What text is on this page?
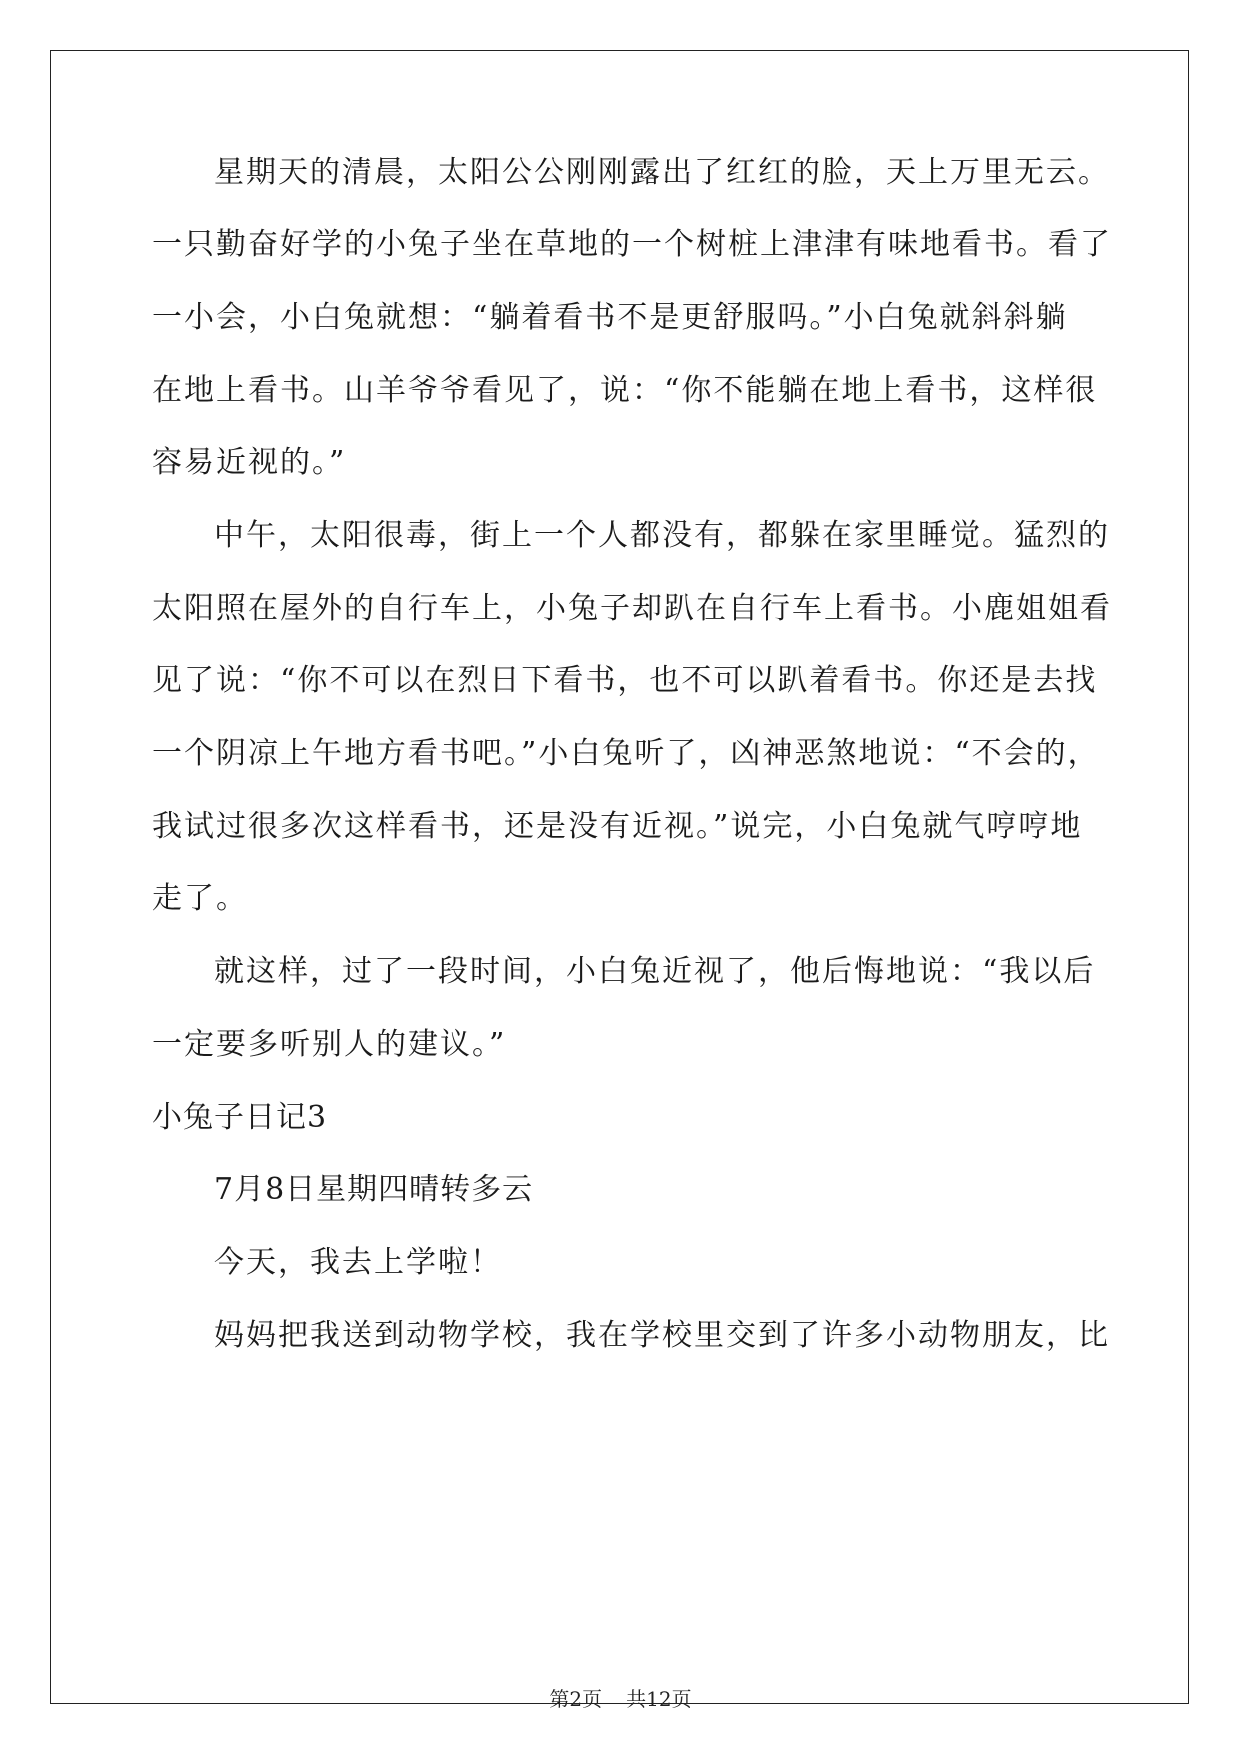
星期天的清晨，太阳公公刚刚露出了红红的脸，天上万里无云。
一只勤奋好学的小兔子坐在草地的一个树桩上津津有味地看书。看了
一小会，小白兔就想：“躺着看书不是更舒服吗。”小白兔就斜斜躺
在地上看书。山羊爷爷看见了，说：“你不能躺在地上看书，这样很
容易近视的。”
中午，太阳很毒，街上一个人都没有，都躲在家里睡觉。猛烈的
太阳照在屋外的自行车上，小兔子却趴在自行车上看书。小鹿姐姐看
见了说：“你不可以在烈日下看书，也不可以趴着看书。你还是去找
一个阴凉上午地方看书吧。”小白兔听了，凶神恶煞地说：“不会的，
我试过很多次这样看书，还是没有近视。”说完，小白兔就气哼哼地
走了。
就这样，过了一段时间，小白兔近视了，他后悔地说：“我以后
一定要多听别人的建议。”
小兔子日记3
7月8日星期四晴转多云
今天，我去上学啦！
妈妈把我送到动物学校，我在学校里交到了许多小动物朋友，比
第2页 共12页
